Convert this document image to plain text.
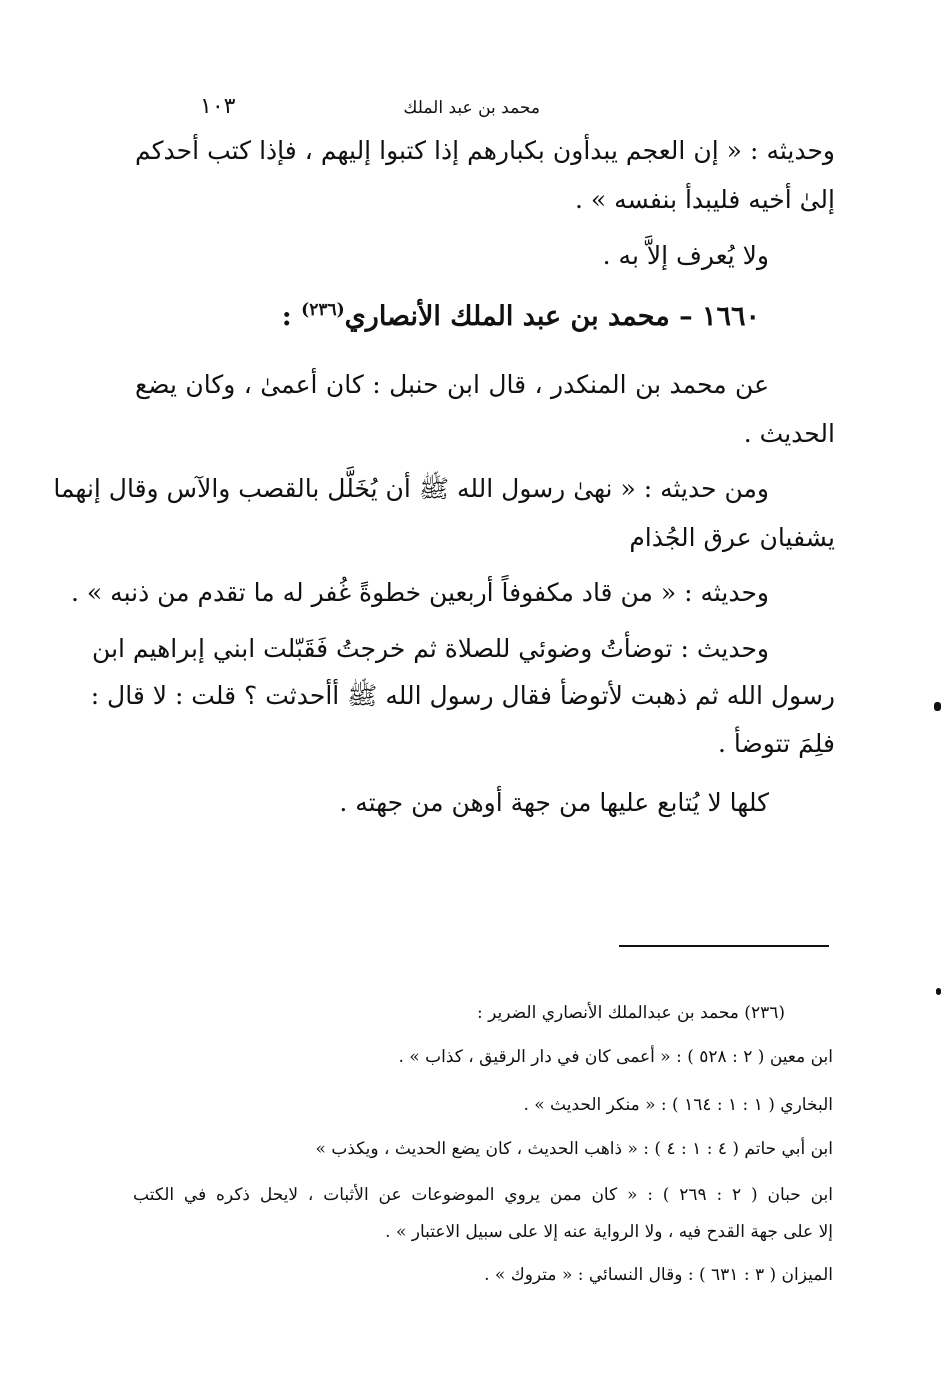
١٠٣	محمد بن عبد الملك
وحديثه : « إن العجم يبدأون بكبارهم إذا كتبوا إليهم ، فإذا كتب أحدكم
إلىٰ أخيه فليبدأ بنفسه » .
ولا يُعرف إلاَّ به .
١٦٦٠ – محمد بن عبد الملك الأنصاري$^{(٢٣٦)}$ :
عن محمد بن المنكدر ، قال ابن حنبل : كان أعمىٰ ، وكان يضع
الحديث .
ومن حديثه : « نهىٰ رسول الله ﷺ أن يُخَلَّل بالقصب والآس وقال إنهما
يشفيان عرق الجُذام
وحديثه : « من قاد مكفوفاً أربعين خطوةً غُفر له ما تقدم من ذنبه » .
وحديث : توضأتُ وضوئي للصلاة ثم خرجتُ فَقَبّلت ابني إبراهيم ابن
رسول الله ثم ذهبت لأتوضأ فقال رسول الله ﷺ أأحدثت ؟ قلت : لا قال :
فلِمَ تتوضأ .
كلها لا يُتابع عليها من جهة أوهن من جهته .
(٢٣٦) محمد بن عبدالملك الأنصاري الضرير :
ابن معين ( ٢ : ٥٢٨ ) : « أعمى كان في دار الرقيق ، كذاب » .
البخاري ( ١ : ١ : ١٦٤ ) : « منكر الحديث » .
ابن أبي حاتم ( ٤ : ١ : ٤ ) : « ذاهب الحديث ، كان يضع الحديث ، ويكذب »
ابن حبان ( ٢ : ٢٦٩ ) : « كان ممن يروي الموضوعات عن الأثبات ، لايحل ذكره في الكتب
إلا على جهة القدح فيه ، ولا الرواية عنه إلا على سبيل الاعتبار » .
الميزان ( ٣ : ٦٣١ ) : وقال النسائي : « متروك » .
